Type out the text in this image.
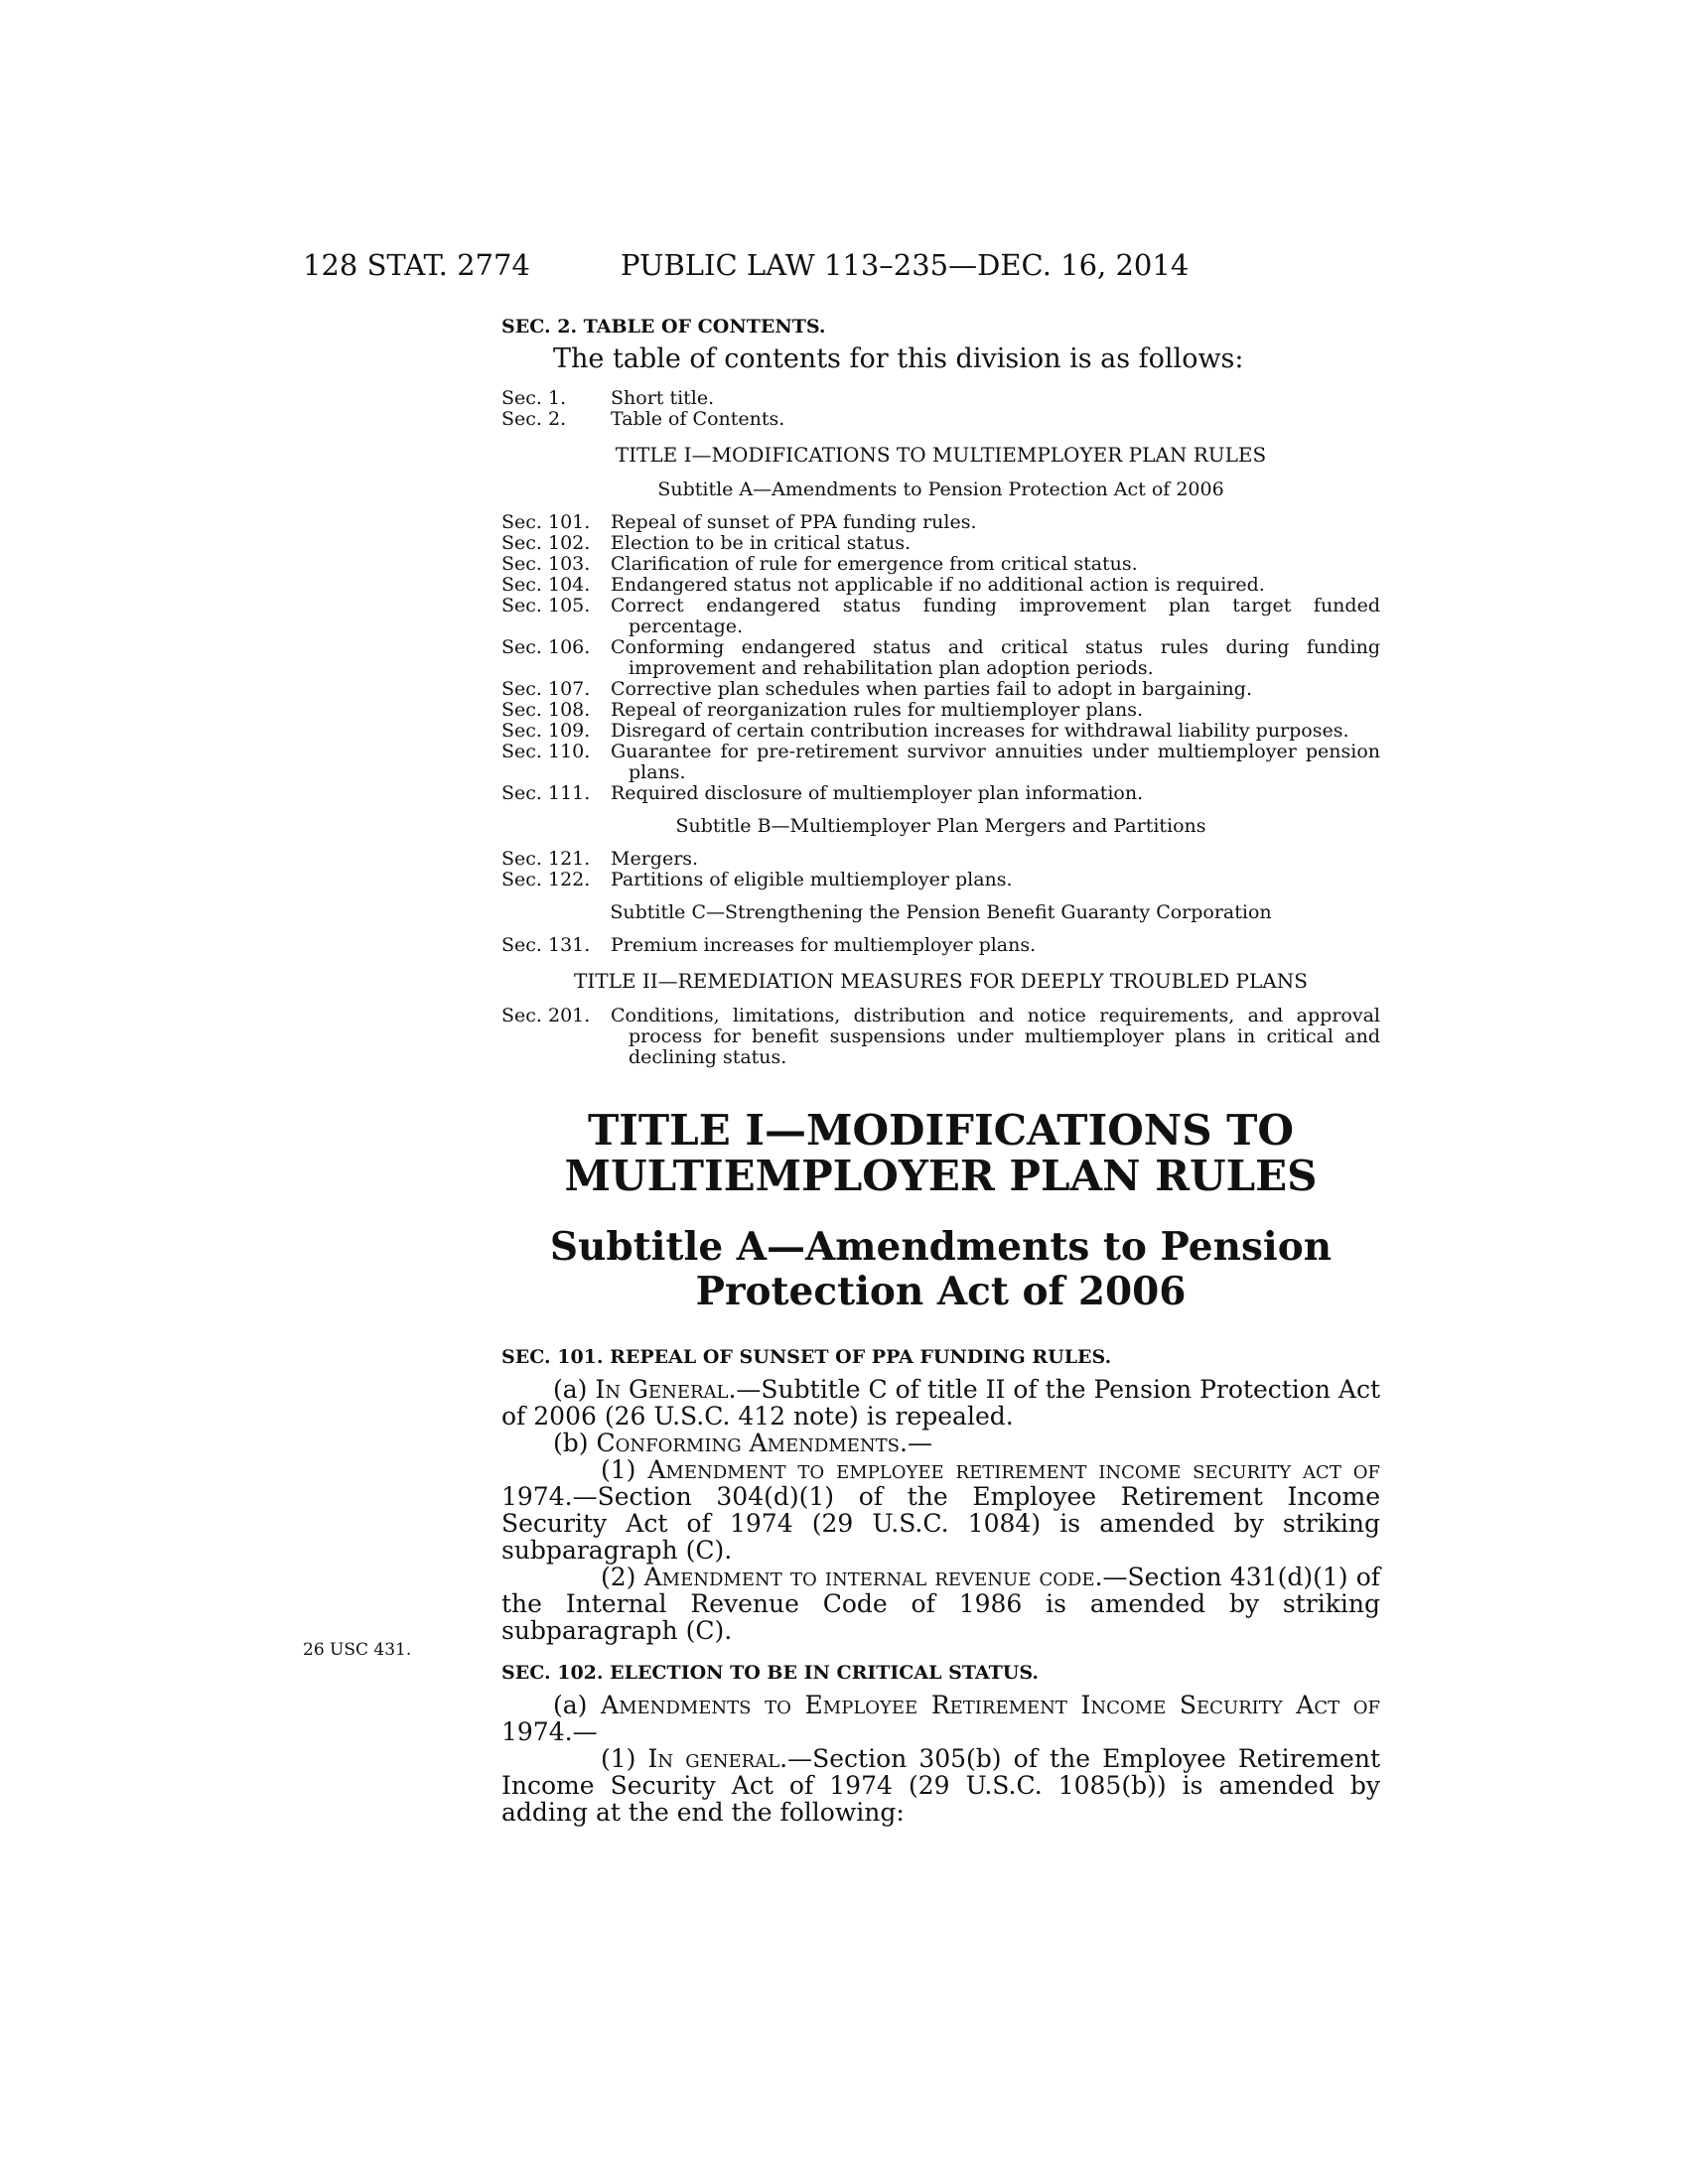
128 STAT. 2774	PUBLIC LAW 113–235—DEC. 16, 2014
26 USC 431.

SEC. 2. TABLE OF CONTENTS.

The table of contents for this division is as follows:

Sec. 1.	Short title.
Sec. 2.	Table of Contents.

TITLE I—MODIFICATIONS TO MULTIEMPLOYER PLAN RULES

Subtitle A—Amendments to Pension Protection Act of 2006

Sec. 101.	Repeal of sunset of PPA funding rules.
Sec. 102.	Election to be in critical status.
Sec. 103.	Clarification of rule for emergence from critical status.
Sec. 104.	Endangered status not applicable if no additional action is required.
Sec. 105.	Correct endangered status funding improvement plan target funded percentage.
Sec. 106.	Conforming endangered status and critical status rules during funding improvement and rehabilitation plan adoption periods.
Sec. 107.	Corrective plan schedules when parties fail to adopt in bargaining.
Sec. 108.	Repeal of reorganization rules for multiemployer plans.
Sec. 109.	Disregard of certain contribution increases for withdrawal liability purposes.
Sec. 110.	Guarantee for pre-retirement survivor annuities under multiemployer pension plans.
Sec. 111.	Required disclosure of multiemployer plan information.

Subtitle B—Multiemployer Plan Mergers and Partitions

Sec. 121.	Mergers.
Sec. 122.	Partitions of eligible multiemployer plans.

Subtitle C—Strengthening the Pension Benefit Guaranty Corporation

Sec. 131.	Premium increases for multiemployer plans.

TITLE II—REMEDIATION MEASURES FOR DEEPLY TROUBLED PLANS

Sec. 201.	Conditions, limitations, distribution and notice requirements, and approval process for benefit suspensions under multiemployer plans in critical and declining status.
TITLE I—MODIFICATIONS TO
MULTIEMPLOYER PLAN RULES
Subtitle A—Amendments to Pension
Protection Act of 2006

SEC. 101. REPEAL OF SUNSET OF PPA FUNDING RULES.

(a) In General.—Subtitle C of title II of the Pension Protection Act of 2006 (26 U.S.C. 412 note) is repealed.

(b) Conforming Amendments.—

(1) Amendment to employee retirement income security act of 1974.—Section 304(d)(1) of the Employee Retirement Income Security Act of 1974 (29 U.S.C. 1084) is amended by striking subparagraph (C).

(2) Amendment to internal revenue code.—Section 431(d)(1) of the Internal Revenue Code of 1986 is amended by striking subparagraph (C).

SEC. 102. ELECTION TO BE IN CRITICAL STATUS.

(a) Amendments to Employee Retirement Income Security Act of 1974.—

(1) In general.—Section 305(b) of the Employee Retirement Income Security Act of 1974 (29 U.S.C. 1085(b)) is amended by adding at the end the following:
